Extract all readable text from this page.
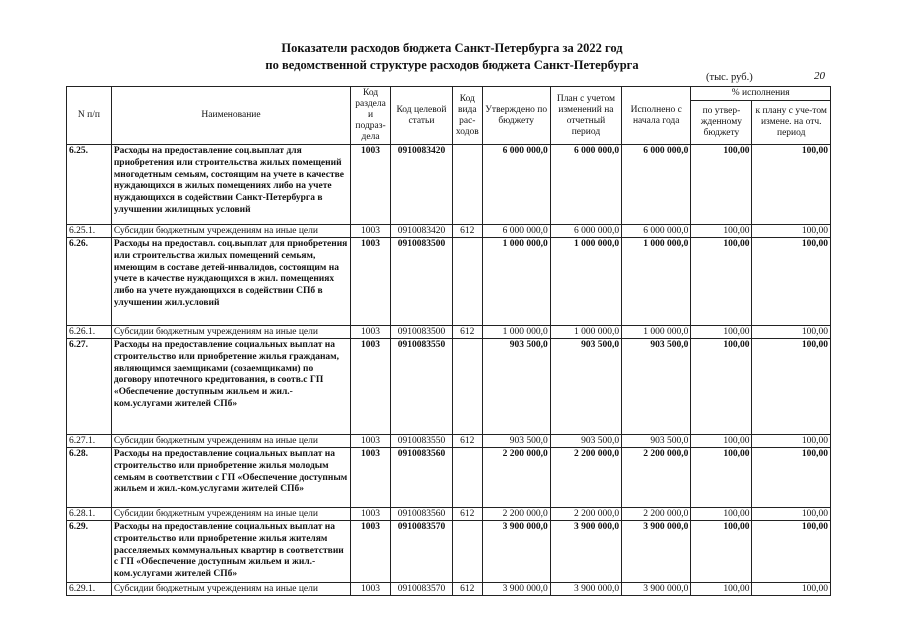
Показатели расходов бюджета Санкт-Петербурга за 2022 год
по ведомственной структуре расходов бюджета Санкт-Петербурга
(тыс. руб.)	20
N п/п	Наименование	Код раздела и подраз-дела	Код целевой статьи	Код вида рас-ходов	Утверждено по бюджету	План с учетом изменений на отчетный период	Исполнено с начала года	% исполнения	
								по утвер-жденному бюджету	к плану с уче-том измене. на отч. период
6.25.	Расходы на предоставление соц.выплат для приобретения или строительства жилых помещений многодетным семьям, состоящим на учете в качестве нуждающихся в жилых помещениях либо на учете нуждающихся в содействии Санкт-Петербурга в улучшении жилищных условий	1003	0910083420		6 000 000,0	6 000 000,0	6 000 000,0	100,00	100,00
6.25.1.	Субсидии бюджетным учреждениям на иные цели	1003	0910083420	612	6 000 000,0	6 000 000,0	6 000 000,0	100,00	100,00
6.26.	Расходы на предоставл. соц.выплат для приобретения или строительства жилых помещений семьям, имеющим в составе детей-инвалидов, состоящим на учете в качестве нуждающихся в жил. помещениях либо на учете нуждающихся в содействии СПб в улучшении жил.условий	1003	0910083500		1 000 000,0	1 000 000,0	1 000 000,0	100,00	100,00
6.26.1.	Субсидии бюджетным учреждениям на иные цели	1003	0910083500	612	1 000 000,0	1 000 000,0	1 000 000,0	100,00	100,00
6.27.	Расходы на предоставление социальных выплат на строительство или приобретение жилья гражданам, являющимся заемщиками (созаемщиками) по договору ипотечного кредитования, в соотв.с ГП «Обеспечение доступным жильем и жил.-ком.услугами жителей СПб»	1003	0910083550		903 500,0	903 500,0	903 500,0	100,00	100,00
6.27.1.	Субсидии бюджетным учреждениям на иные цели	1003	0910083550	612	903 500,0	903 500,0	903 500,0	100,00	100,00
6.28.	Расходы на предоставление социальных выплат на строительство или приобретение жилья молодым семьям в соответствии с ГП «Обеспечение доступным жильем и жил.-ком.услугами жителей СПб»	1003	0910083560		2 200 000,0	2 200 000,0	2 200 000,0	100,00	100,00
6.28.1.	Субсидии бюджетным учреждениям на иные цели	1003	0910083560	612	2 200 000,0	2 200 000,0	2 200 000,0	100,00	100,00
6.29.	Расходы на предоставление социальных выплат на строительство или приобретение жилья жителям расселяемых коммунальных квартир в соответствии с ГП «Обеспечение доступным жильем и жил.-ком.услугами жителей СПб»	1003	0910083570		3 900 000,0	3 900 000,0	3 900 000,0	100,00	100,00
6.29.1.	Субсидии бюджетным учреждениям на иные цели	1003	0910083570	612	3 900 000,0	3 900 000,0	3 900 000,0	100,00	100,00
